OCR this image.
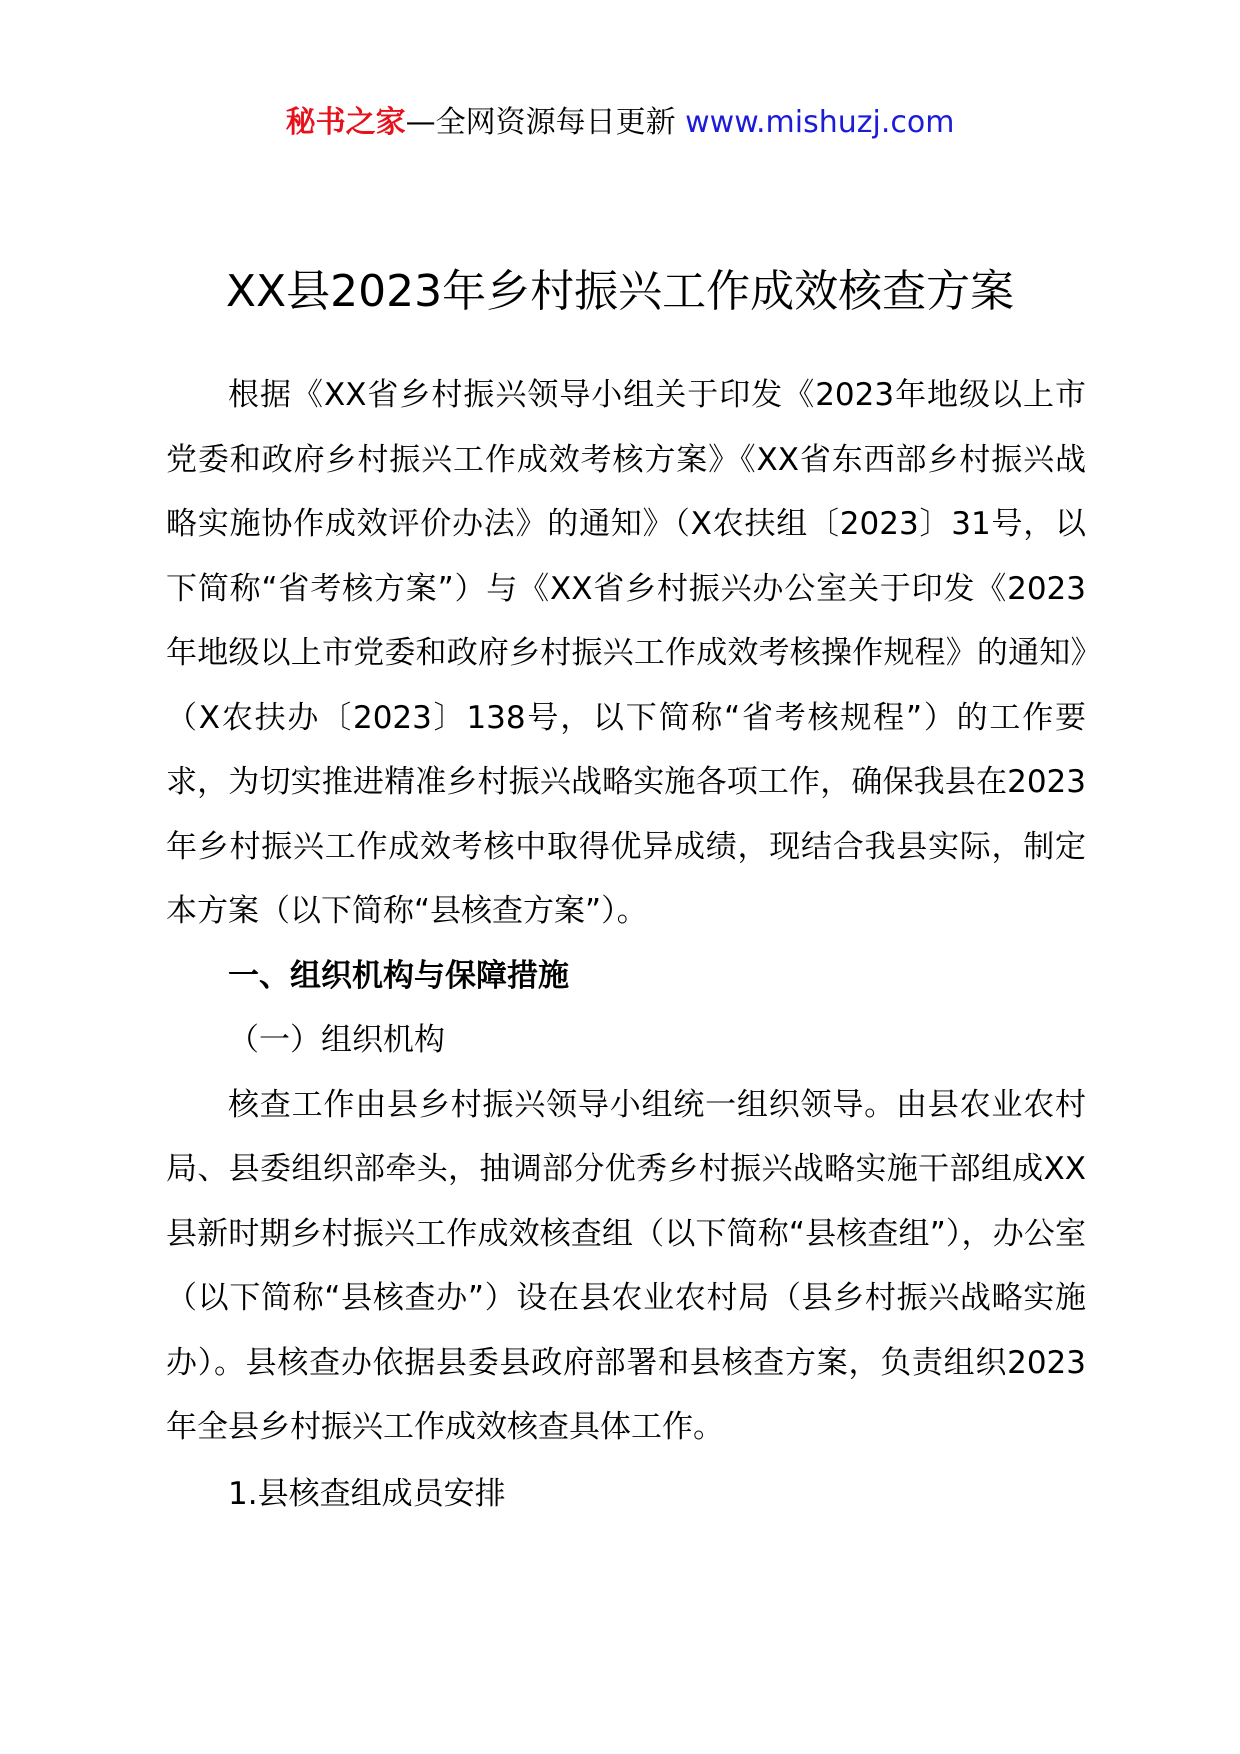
秘书之家—全网资源每日更新 www.mishuzj.com
XX县2023年乡村振兴工作成效核查方案

根据《XX省乡村振兴领导小组关于印发《2023年地级以上市党委和政府乡村振兴工作成效考核方案》《XX省东西部乡村振兴战略实施协作成效评价办法》的通知》（X农扶组〔2023〕31号，以下简称“省考核方案”）与《XX省乡村振兴办公室关于印发《2023年地级以上市党委和政府乡村振兴工作成效考核操作规程》的通知》（X农扶办〔2023〕138号，以下简称“省考核规程”）的工作要求，为切实推进精准乡村振兴战略实施各项工作，确保我县在2023年乡村振兴工作成效考核中取得优异成绩，现结合我县实际，制定本方案（以下简称“县核查方案”）。

一、组织机构与保障措施

（一）组织机构

核查工作由县乡村振兴领导小组统一组织领导。由县农业农村局、县委组织部牵头，抽调部分优秀乡村振兴战略实施干部组成XX县新时期乡村振兴工作成效核查组（以下简称“县核查组”），办公室（以下简称“县核查办”）设在县农业农村局（县乡村振兴战略实施办）。县核查办依据县委县政府部署和县核查方案，负责组织2023年全县乡村振兴工作成效核查具体工作。

1.县核查组成员安排
